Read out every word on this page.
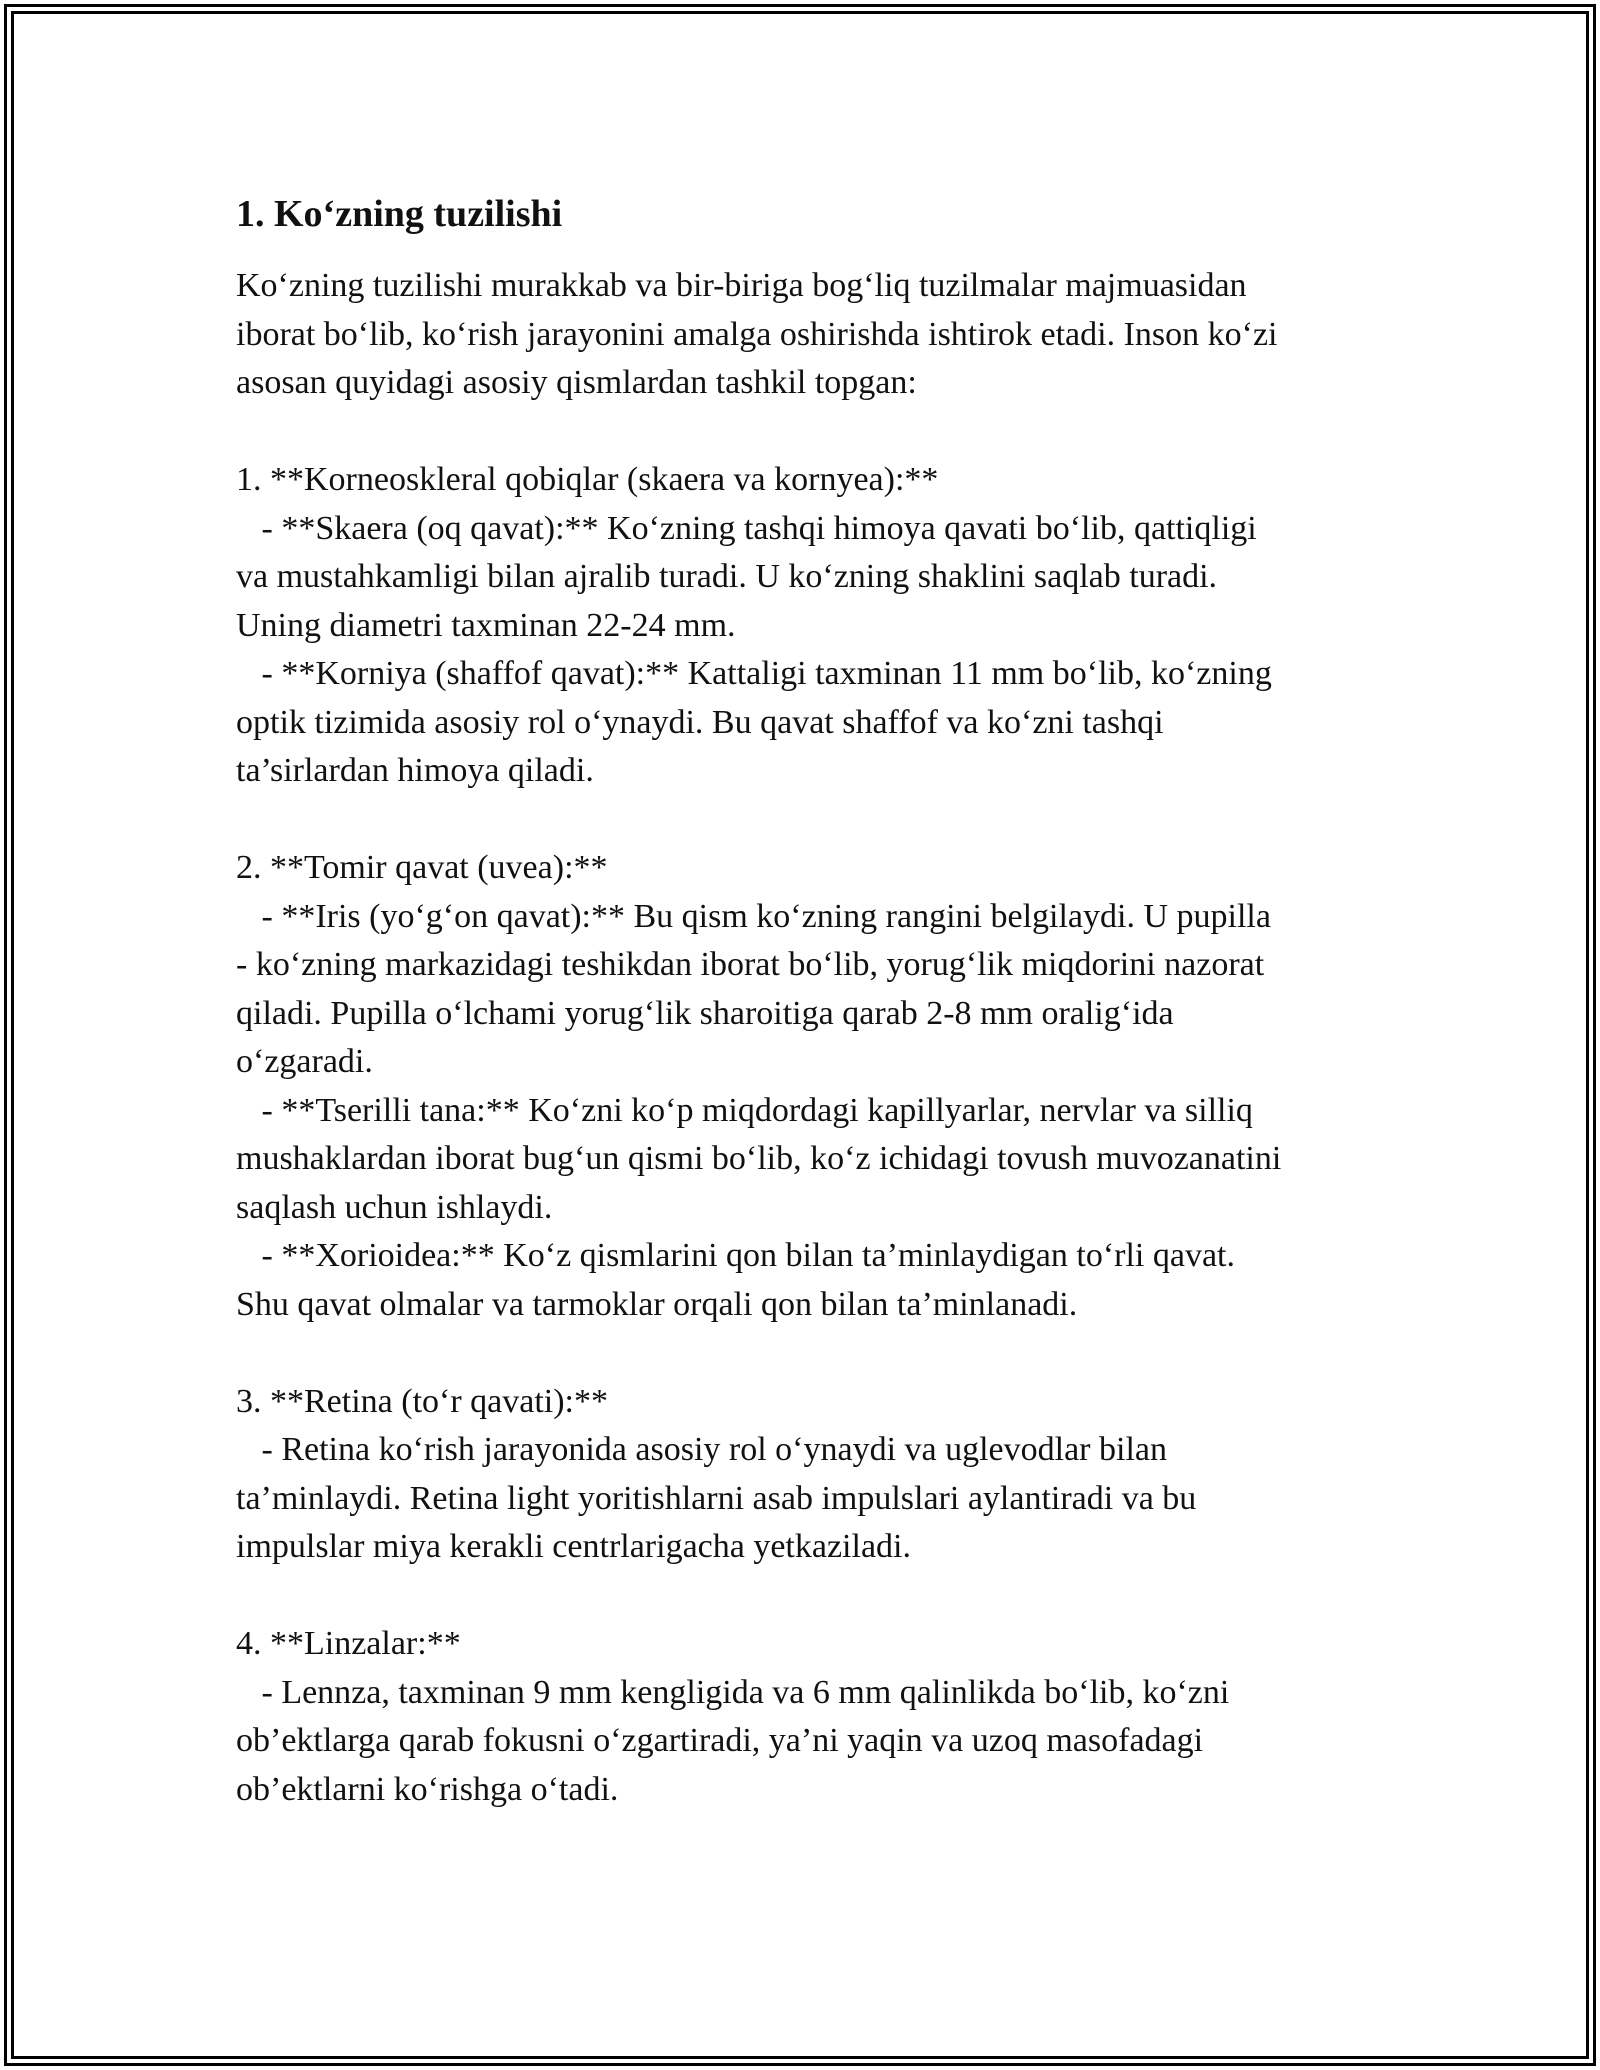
1. Ko‘zning tuzilishi
Ko‘zning tuzilishi murakkab va bir-biriga bog‘liq tuzilmalar majmuasidan
iborat bo‘lib, ko‘rish jarayonini amalga oshirishda ishtirok etadi. Inson ko‘zi
asosan quyidagi asosiy qismlardan tashkil topgan:
1. **Korneoskleral qobiqlar (skaera va kornyea):**
- **Skaera (oq qavat):** Ko‘zning tashqi himoya qavati bo‘lib, qattiqligi
va mustahkamligi bilan ajralib turadi. U ko‘zning shaklini saqlab turadi.
Uning diametri taxminan 22-24 mm.
- **Korniya (shaffof qavat):** Kattaligi taxminan 11 mm bo‘lib, ko‘zning
optik tizimida asosiy rol o‘ynaydi. Bu qavat shaffof va ko‘zni tashqi
ta’sirlardan himoya qiladi.
2. **Tomir qavat (uvea):**
- **Iris (yo‘g‘on qavat):** Bu qism ko‘zning rangini belgilaydi. U pupilla
- ko‘zning markazidagi teshikdan iborat bo‘lib, yorug‘lik miqdorini nazorat
qiladi. Pupilla o‘lchami yorug‘lik sharoitiga qarab 2-8 mm oralig‘ida
o‘zgaradi.
- **Tserilli tana:** Ko‘zni ko‘p miqdordagi kapillyarlar, nervlar va silliq
mushaklardan iborat bug‘un qismi bo‘lib, ko‘z ichidagi tovush muvozanatini
saqlash uchun ishlaydi.
- **Xorioidea:** Ko‘z qismlarini qon bilan ta’minlaydigan to‘rli qavat.
Shu qavat olmalar va tarmoklar orqali qon bilan ta’minlanadi.
3. **Retina (to‘r qavati):**
- Retina ko‘rish jarayonida asosiy rol o‘ynaydi va uglevodlar bilan
ta’minlaydi. Retina light yoritishlarni asab impulslari aylantiradi va bu
impulslar miya kerakli centrlarigacha yetkaziladi.
4. **Linzalar:**
- Lennza, taxminan 9 mm kengligida va 6 mm qalinlikda bo‘lib, ko‘zni
ob’ektlarga qarab fokusni o‘zgartiradi, ya’ni yaqin va uzoq masofadagi
ob’ektlarni ko‘rishga o‘tadi.
